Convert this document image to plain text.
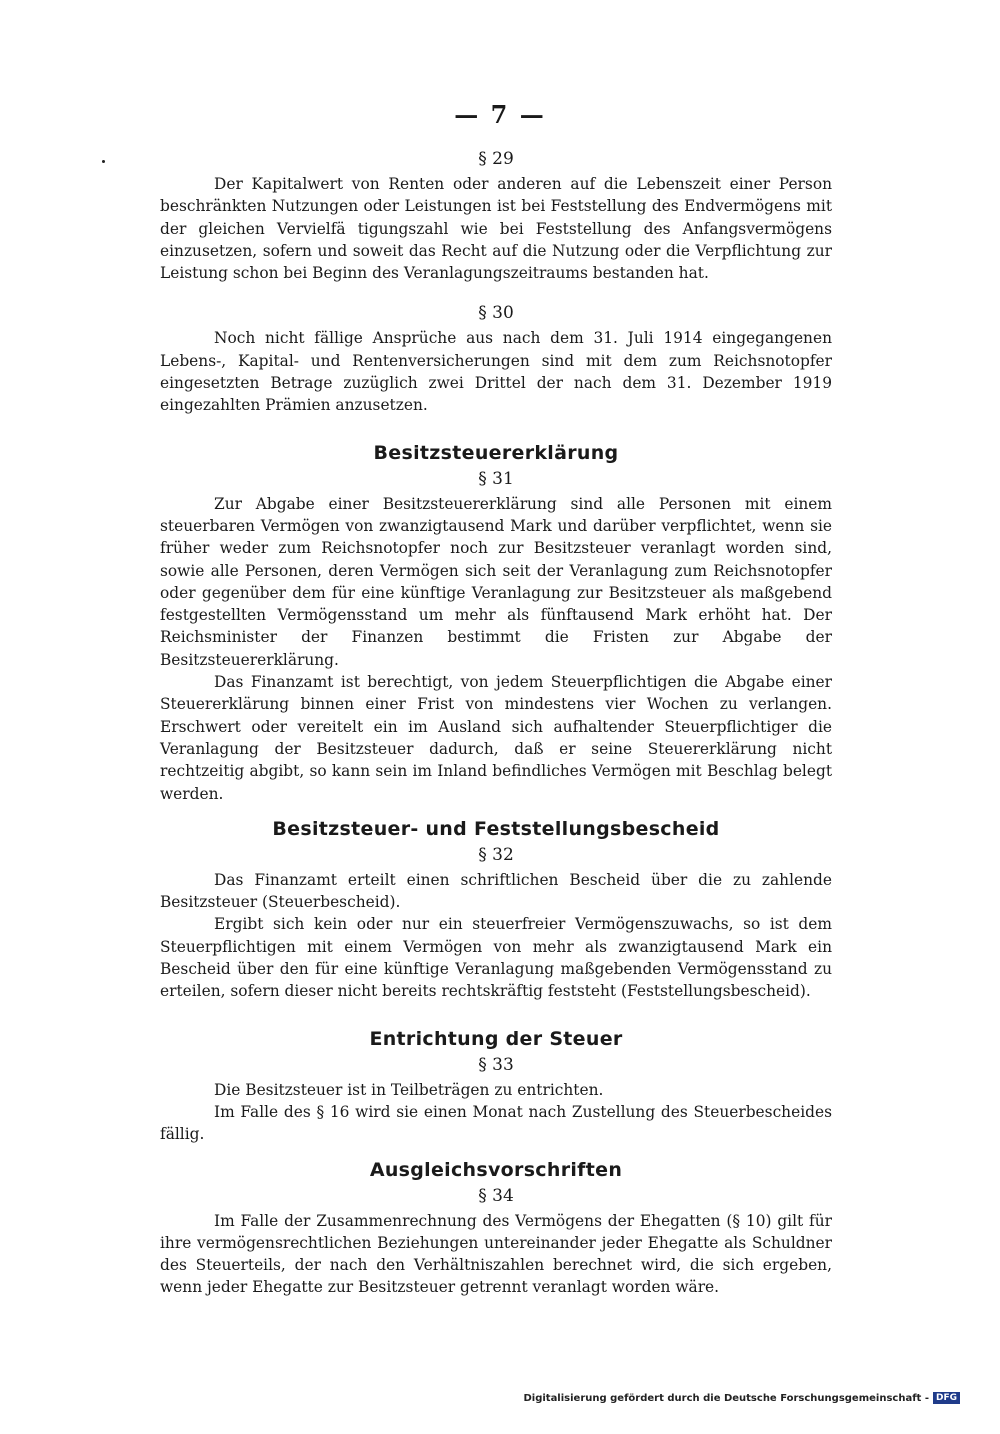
— 7 —
§ 29

Der Kapitalwert von Renten oder anderen auf die Lebenszeit einer Person beschränkten Nutzungen oder Leistungen ist bei Feststellung des Endvermögens mit der gleichen Vervielfä tigungszahl wie bei Feststellung des Anfangsvermögens einzusetzen, sofern und soweit das Recht auf die Nutzung oder die Verpflichtung zur Leistung schon bei Beginn des Veranlagungszeitraums bestanden hat.

§ 30

Noch nicht fällige Ansprüche aus nach dem 31. Juli 1914 eingegangenen Lebens-, Kapital- und Rentenversicherungen sind mit dem zum Reichsnotopfer eingesetzten Betrage zuzüglich zwei Drittel der nach dem 31. Dezember 1919 eingezahlten Prämien anzusetzen.

Besitzsteuererklärung
§ 31

Zur Abgabe einer Besitzsteuererklärung sind alle Personen mit einem steuerbaren Vermögen von zwanzigtausend Mark und darüber verpflichtet, wenn sie früher weder zum Reichsnotopfer noch zur Besitzsteuer veranlagt worden sind, sowie alle Personen, deren Vermögen sich seit der Veranlagung zum Reichsnotopfer oder gegenüber dem für eine künftige Veranlagung zur Besitzsteuer als maßgebend festgestellten Vermögensstand um mehr als fünftausend Mark erhöht hat. Der Reichsminister der Finanzen bestimmt die Fristen zur Abgabe der Besitzsteuererklärung.

Das Finanzamt ist berechtigt, von jedem Steuerpflichtigen die Abgabe einer Steuererklärung binnen einer Frist von mindestens vier Wochen zu verlangen. Erschwert oder vereitelt ein im Ausland sich aufhaltender Steuerpflichtiger die Veranlagung der Besitzsteuer dadurch, daß er seine Steuererklärung nicht rechtzeitig abgibt, so kann sein im Inland befindliches Vermögen mit Beschlag belegt werden.

Besitzsteuer- und Feststellungsbescheid
§ 32

Das Finanzamt erteilt einen schriftlichen Bescheid über die zu zahlende Besitzsteuer (Steuerbescheid).

Ergibt sich kein oder nur ein steuerfreier Vermögenszuwachs, so ist dem Steuerpflichtigen mit einem Vermögen von mehr als zwanzigtausend Mark ein Bescheid über den für eine künftige Veranlagung maßgebenden Vermögensstand zu erteilen, sofern dieser nicht bereits rechtskräftig feststeht (Feststellungsbescheid).

Entrichtung der Steuer
§ 33

Die Besitzsteuer ist in Teilbeträgen zu entrichten.

Im Falle des § 16 wird sie einen Monat nach Zustellung des Steuerbescheides fällig.

Ausgleichsvorschriften
§ 34

Im Falle der Zusammenrechnung des Vermögens der Ehegatten (§ 10) gilt für ihre vermögensrechtlichen Beziehungen untereinander jeder Ehegatte als Schuldner des Steuerteils, der nach den Verhältniszahlen berechnet wird, die sich ergeben, wenn jeder Ehegatte zur Besitzsteuer getrennt veranlagt worden wäre.

Digitalisierung gefördert durch die Deutsche Forschungsgemeinschaft - DFG
